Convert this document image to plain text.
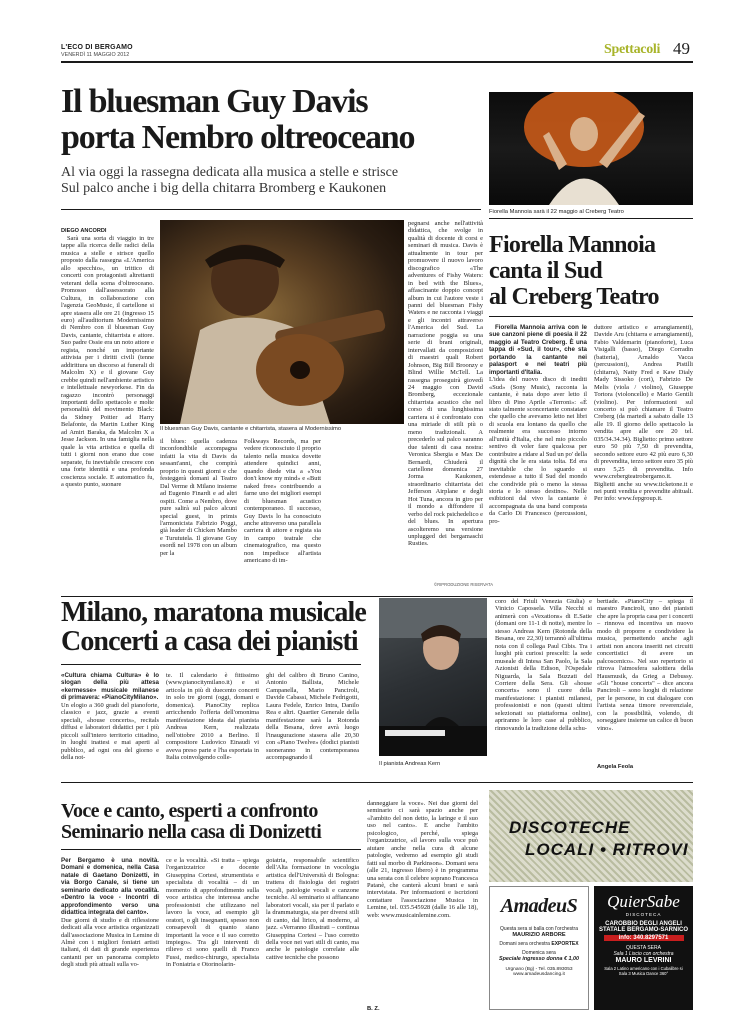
L'ECO DI BERGAMO
VENERDÌ 11 MAGGIO 2012	Spettacoli 49
Il bluesman Guy Davis
porta Nembro oltreoceano
Al via oggi la rassegna dedicata alla musica a stelle e strisce
Sul palco anche i big della chitarra Bromberg e Kaukonen
DIEGO ANCORDI

Sarà una sorta di viaggio in tre tappe alla ricerca delle radici della musica a stelle e strisce quello proposto dalla rassegna «L'America allo specchio», un trittico di concerti con protagonisti altrettanti veterani della scena d'oltreoceano. Promosso dall'assessorato alla Cultura, in collaborazione con l'agenzia GeoMusic, il cartellone si apre stasera alle ore 21 (ingresso 15 euro) all'auditorium Modernissimo di Nembro con il bluesman Guy Davis, cantante, chitarrista e attore. Suo padre Ossie era un noto attore e regista, nonché un importante attivista per i diritti civili (tenne addirittura un discorso ai funerali di Malcolm X) e il giovane Guy crebbe quindi nell'ambiente artistico e intellettuale newyorkese. Fin da ragazzo incontrò personaggi importanti dello spettacolo e molte personalità del movimento Black: da Sidney Poitier ad Harry Belafonte, da Martin Luther King ad Amiri Baraka, da Malcolm X a Jesse Jackson. In una famiglia nella quale la vita artistica e quella di tutti i giorni non erano due cose separate, fu inevitabile crescere con una forte identità e una profonda coscienza sociale. E automatico fu, a questo punto, suonare

Il bluesman Guy Davis, cantante e chitarrista, stasera al Modernissimo

il blues: quella cadenza inconfondibile accompagna infatti la vita di Davis da sessant'anni, che compirà proprio in questi giorni e che festeggerà domani al Teatro Dal Verme di Milano insieme ad Eugenio Finardi e ad altri ospiti. Come a Nembro, dove pure salirà sul palco alcuni special guest, in primis l'armonicista Fabrizio Poggi, già leader di Chicken Mambo e Turututela. Il giovane Guy esordì nel 1978 con un album per la

Folkways Records, ma per vedere riconosciuto il proprio talento nella musica dovette attendere quindici anni, quando diede vita a «You don't know my mind» e «Butt naked free» contribuendo a farne uno dei migliori esempi di bluesman acustico contemporaneo. Il successo, Guy Davis lo ha conosciuto anche attraverso una parallela carriera di attore e regista sia in campo teatrale che cinematografico, ma questo non impedisce all'artista americano di im-

pegnarsi anche nell'attività didattica, che svolge in qualità di docente di corsi e seminari di musica. Davis è attualmente in tour per promuovere il nuovo lavoro discografico «The adventures of Fishy Waters: in bed with the Blues», affascinante doppio concept album in cui l'autore veste i panni del bluesman Fishy Waters e ne racconta i viaggi e gli incontri attraverso l'America del Sud. La narrazione poggia su una serie di brani originali, intervallati da composizioni di maestri quali Robert Johnson, Big Bill Broonzy e Blind Willie McTell. La rassegna proseguirà giovedì 24 maggio con David Bromberg, eccezionale chitarrista acustico che nel corso di una lunghissima carriera si è confrontato con una miriade di stili più o meno tradizionali. A precederlo sul palco saranno due talenti di casa nostra: Veronica Sbergia e Max De Bernardi, Chiuderà il cartellone domenica 27 Jorma Kaukonen, straordinario chitarrista dei Jefferson Airplane e degli Hot Tuna, ancora in giro per il mondo a diffondere il verbo del rock psichedelico e del blues. In apertura ascolteremo una versione unplugged dei bergamaschi Rusties.

©RIPRODUZIONE RISERVATA
Fiorella Mannoia sarà il 22 maggio al Creberg Teatro
Fiorella Mannoia
canta il Sud
al Creberg Teatro

Fiorella Mannoia arriva con le sue canzoni piene di poesia il 22 maggio al Teatro Creberg. È una tappa di «Sud, il tour», che sta portando la cantante nei palasport e nei teatri più importanti d'Italia.

L'idea del nuovo disco di inediti «Sud» (Sony Music), racconta la cantante, è nata dopo aver letto il libro di Pino Aprile «Terroni»: «È stato talmente sconcertante constatare che quello che avevamo letto nei libri di scuola era lontano da quello che realmente era successo intorno all'unità d'Italia, che nel mio piccolo sentivo di voler fare qualcosa per contribuire a ridare al Sud un po' della dignità che le era stata tolta. Ed era inevitabile che lo sguardo si estendesse a tutto il Sud del mondo che condivide più o meno la stessa storia e lo stesso destino». Nelle esibizioni dal vivo la cantante è accompagnata da una band composta da Carlo Di Francesco (percussioni, pro-

duttore artistico e arrangiamenti), Davide Aru (chitarra e arrangiamenti), Fabio Valdemarin (pianoforte), Luca Visigalli (basso), Diego Corradin (batteria), Arnaldo Vacca (percussioni), Andrea Pistilli (chitarra), Natty Fred e Kaw Dialy Mady Sissoko (cori), Fabrizio De Melis (viola / violino), Giuseppe Tortora (violoncello) e Mario Gentili (violino). Per informazioni sul concerto si può chiamare il Teatro Creberg (da martedì a sabato dalle 13 alle 19. Il giorno dello spettacolo la vendita apre alle ore 20 tel. 035/34.34.34). Biglietto: primo settore euro 50 più 7,50 di prevendita, secondo settore euro 42 più euro 6,30 di prevendita, terzo settore euro 35 più euro 5,25 di prevendita. Info www.crebergteatrobergamo.it. Biglietti anche su www.ticketone.it e nei punti vendita e prevendite abituali. Per info: www.fepgroup.it.

Milano, maratona musicale
Concerti a casa dei pianisti

«Cultura chiama Cultura» è lo slogan della più attesa «kermesse» musicale milanese di primavera: «PianoCityMilano».

Un elogio a 360 gradi del pianoforte, classico e jazz, grazie a eventi speciali, «house concerts», recitals diffusi e laboratori didattici per i più piccoli sull'intero territorio cittadino, in luoghi inattesi e mai aperti al pubblico, ad ogni ora del giorno e della not-

te. Il calendario è fittissimo (www.pianocitymilano.it) e si articola in più di duecento concerti in solo tre giorni (oggi, domani e domenica). PianoCity replica arricchendo l'offerta dell'omonima manifestazione ideata dal pianista Andreas Kern, realizzata nell'ottobre 2010 a Berlino. Il compositore Ludovico Einaudi vi aveva preso parte e l'ha esportata in Italia coinvolgendo colle-

ghi del calibro di Bruno Canino, Antonio Ballista, Michele Campanella, Mario Panciroli, Davide Cabassi, Michele Fedrigotti, Laura Fedele, Enrico Intra, Danilo Rea e altri. Quartier Generale della manifestazione sarà la Rotonda della Besana, dove avrà luogo l'inaugurazione stasera alle 20,30 con «Piano Twelve» (dodici pianisti suoneranno in contemporanea accompagnando il

Il pianista Andreas Kern

coro del Friuli Venezia Giulia) e Vinicio Capossela. Villa Necchi si animerà con «Vexations» di E.Satie (domani ore 11-1 di notte), mentre lo stesso Andreas Kern (Rotonda della Besana, ore 22,30) terrannò all'ultima nota con il collega Paul Cibis. Tra i luoghi più curiosi prescelti: la sede museale di Intesa San Paolo, la Sala Azionisti della Edison, l'Ospedale Niguarda, la Sala Buzzati del Corriere della Sera. Gli «house concerts» sono il cuore della manifestazione: i pianisti milanesi, professionisti e non (questi ultimi selezionati su piattaforma online), apriranno le loro case al pubblico, rinnovando la tradizione della schu-

bertiade. «PianoCity – spiega il maestro Panciroli, uno dei pianisti che apre la propria casa per i concerti – rinnova ed incentiva un nuovo modo di proporre e condividere la musica, permettendo anche agli artisti non ancora inseriti nei circuiti concertistici di avere un palcoscenico». Nel suo repertorio si ritrova l'atmosfera salottiera della Hausmusik, da Grieg a Debussy. «Gli "house concerts" – dice ancora Panciroli – sono luoghi di relazione per le persone, in cui dialogare con l'artista senza timore reverenziale, con la possibilità, volendo, di sorseggiare insieme un calice di buon vino».

Angela Feola
Voce e canto, esperti a confronto
Seminario nella casa di Donizetti

Per Bergamo è una novità. Domani e domenica, nella Casa natale di Gaetano Donizetti, in via Borgo Canale, si tiene un seminario dedicato alla vocalità. «Dentro la voce - Incontri di approfondimento verso una didattica integrata del canto».

Due giorni di studio e di riflessione dedicati alla voce artistica organizzati dall'associazione Musica in Lemine di Almè con i migliori foniatri artisti italiani, di dati di grande esperienza cantanti per un panorama completo degli studi più attuali sulla vo-

ce e la vocalità. «Si tratta – spiega l'organizzatrice e docente Giuseppina Cortesi, strumentista e specialista di vocalità – di un momento di approfondimento sulla voce artistica che interessa anche professionisti che utilizzano nel lavoro la voce, ad esempio gli oratori, o gli insegnanti, spesso non consapevoli di quanto siano importanti la voce e il suo corretto impiego». Tra gli interventi di rilievo ci sono quelli di Franco Fussi, medico-chirurgo, specialista in Foniatria e Otorinolarin-

goiatria, responsabile scientifico dell'Alta formazione in vocologia artistica dell'Università di Bologna: trattera di fisiologia dei registri vocali, patologie vocali e canzone tecniche. Al seminario si affiancano laboratori vocali, sia per il parlato e la drammaturgia, sia per diversi stili di canto, dal lirico, al moderno, al jazz. «Verranno illustrati – continua Giuseppina Cortesi – l'uso corretto della voce nei vari stili di canto, ma anche le patologie correlate alle cattive tecniche che possono

danneggiare la voce». Nei due giorni del seminario ci sarà spazio anche per «l'ambito del non detto, la laringe e il suo uso nel canto». E anche l'ambito psicologico, perché, spiega l'organizzatrice, «il lavoro sulla voce può aiutare anche nella cura di alcune patologie, vedremo ad esempio gli studi fatti sul morbo di Parkinson». Domani sera (alle 21, ingresso libero) è in programma una serata con il celebre soprano Francesca Patanè, che canterà alcuni brani e sarà intervistata. Per informazioni e iscrizioni contattare l'associazione Musica in Lemine, tel. 035.545928 (dalle 16 alle 18), web: www.musicainlemine.com.

B. Z.
DISCOTECHE
LOCALI • RITROVI
AmadeuS
Questa sera si balla con l'orchestra
MAURIZIO ARBORE
Domani sera orchestra EXPORTEX
Domenica sera
Speciale ingresso donna € 1,00
Urgnano (Bg) - Tel. 035.893053
www.amadeusdancing.it
QuierSabe
DISCOTECA
CAROBBIO DEGLI ANGELI
STATALE BERGAMO-SARNICO
info: 340.8297571
QUESTA SERA
Sala 1 Liscio con orchestra
MAURO LEVRINI
Sala 2 Latino americano con i Cubalibre si
Sala 3 Musica Dance 360°
